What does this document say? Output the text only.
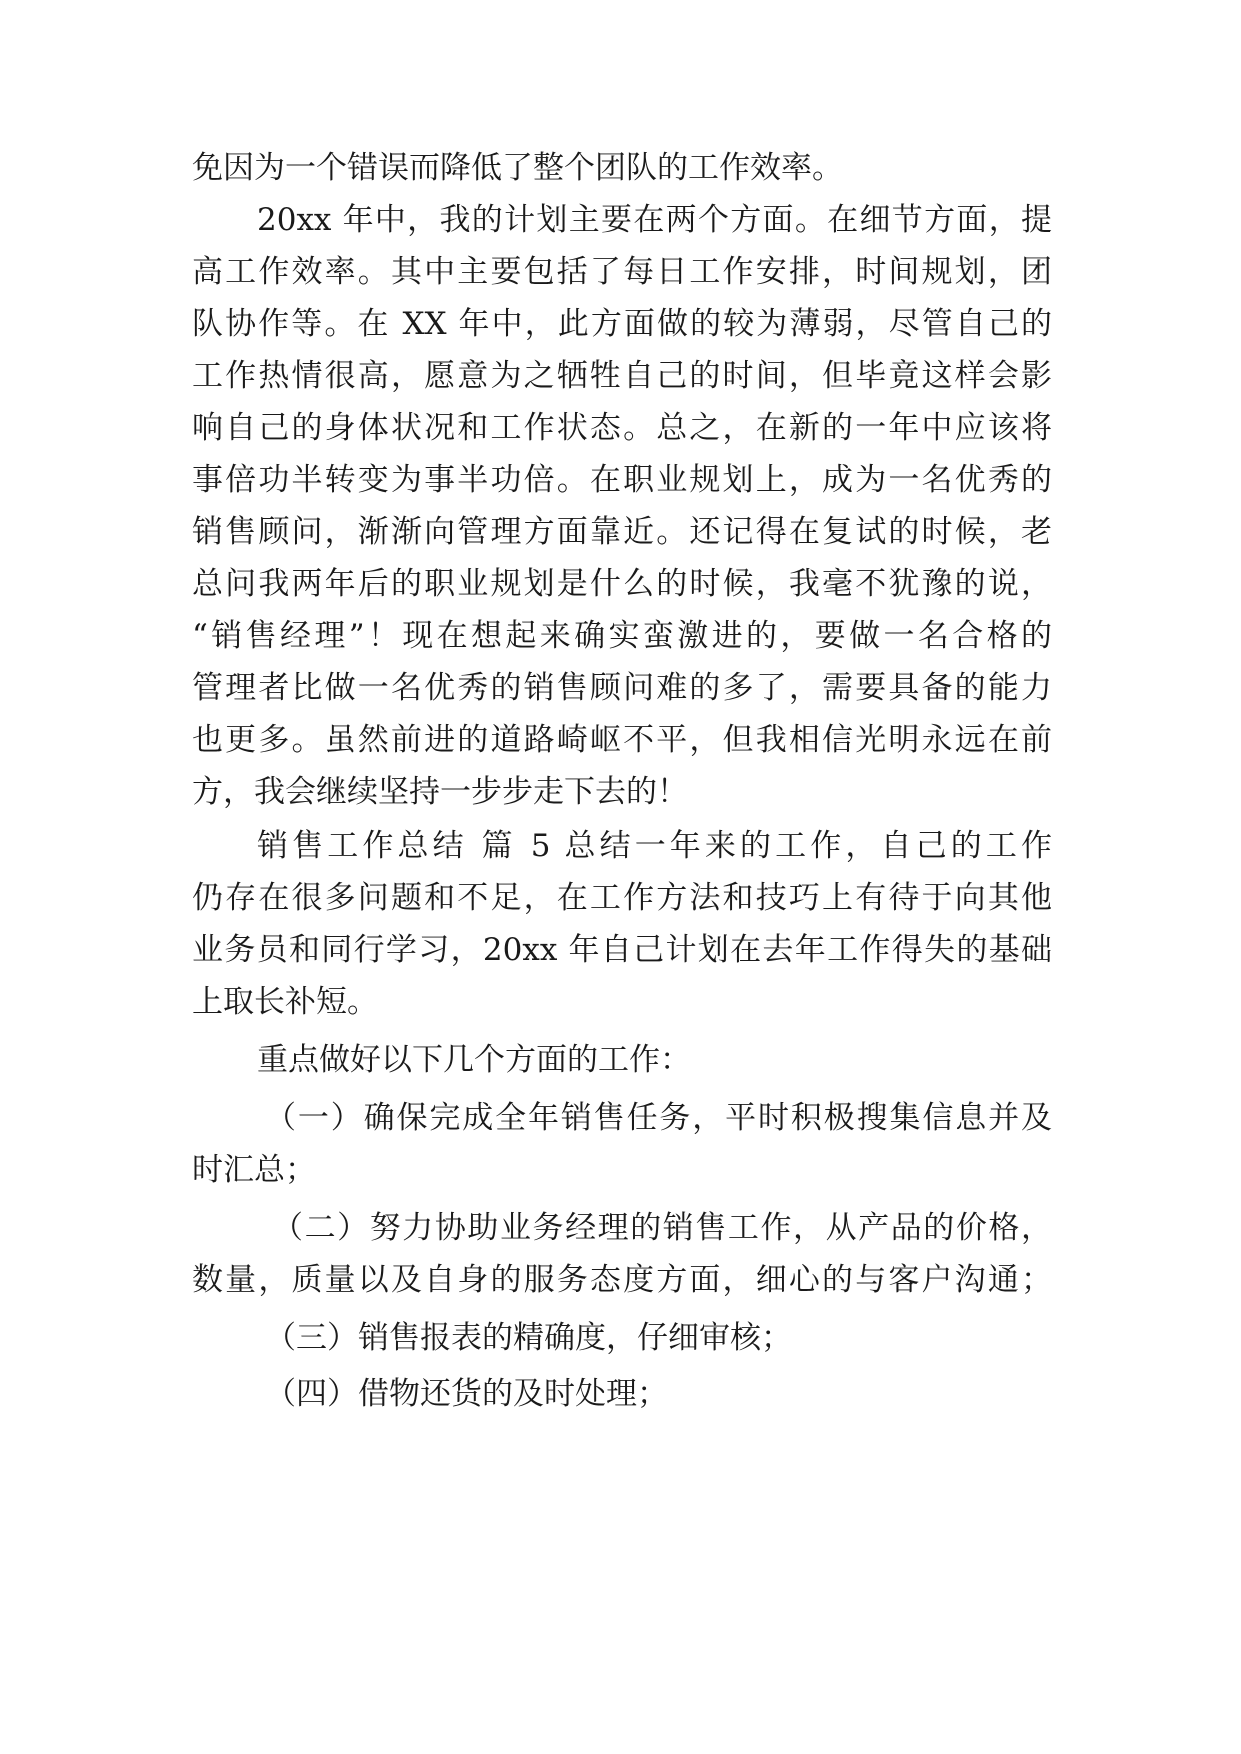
免因为一个错误而降低了整个团队的工作效率。
20xx 年中，我的计划主要在两个方面。在细节方面，提
高工作效率。其中主要包括了每日工作安排，时间规划，团
队协作等。在 XX 年中，此方面做的较为薄弱，尽管自己的
工作热情很高，愿意为之牺牲自己的时间，但毕竟这样会影
响自己的身体状况和工作状态。总之，在新的一年中应该将
事倍功半转变为事半功倍。在职业规划上，成为一名优秀的
销售顾问，渐渐向管理方面靠近。还记得在复试的时候，老
总问我两年后的职业规划是什么的时候，我毫不犹豫的说，
“销售经理”！现在想起来确实蛮激进的，要做一名合格的
管理者比做一名优秀的销售顾问难的多了，需要具备的能力
也更多。虽然前进的道路崎岖不平，但我相信光明永远在前
方，我会继续坚持一步步走下去的！
销售工作总结 篇 5 总结一年来的工作，自己的工作
仍存在很多问题和不足，在工作方法和技巧上有待于向其他
业务员和同行学习，20xx 年自己计划在去年工作得失的基础
上取长补短。
重点做好以下几个方面的工作：
（一）确保完成全年销售任务，平时积极搜集信息并及
时汇总；
（二）努力协助业务经理的销售工作，从产品的价格，
数量，质量以及自身的服务态度方面，细心的与客户沟通；
（三）销售报表的精确度，仔细审核；
（四）借物还货的及时处理；
